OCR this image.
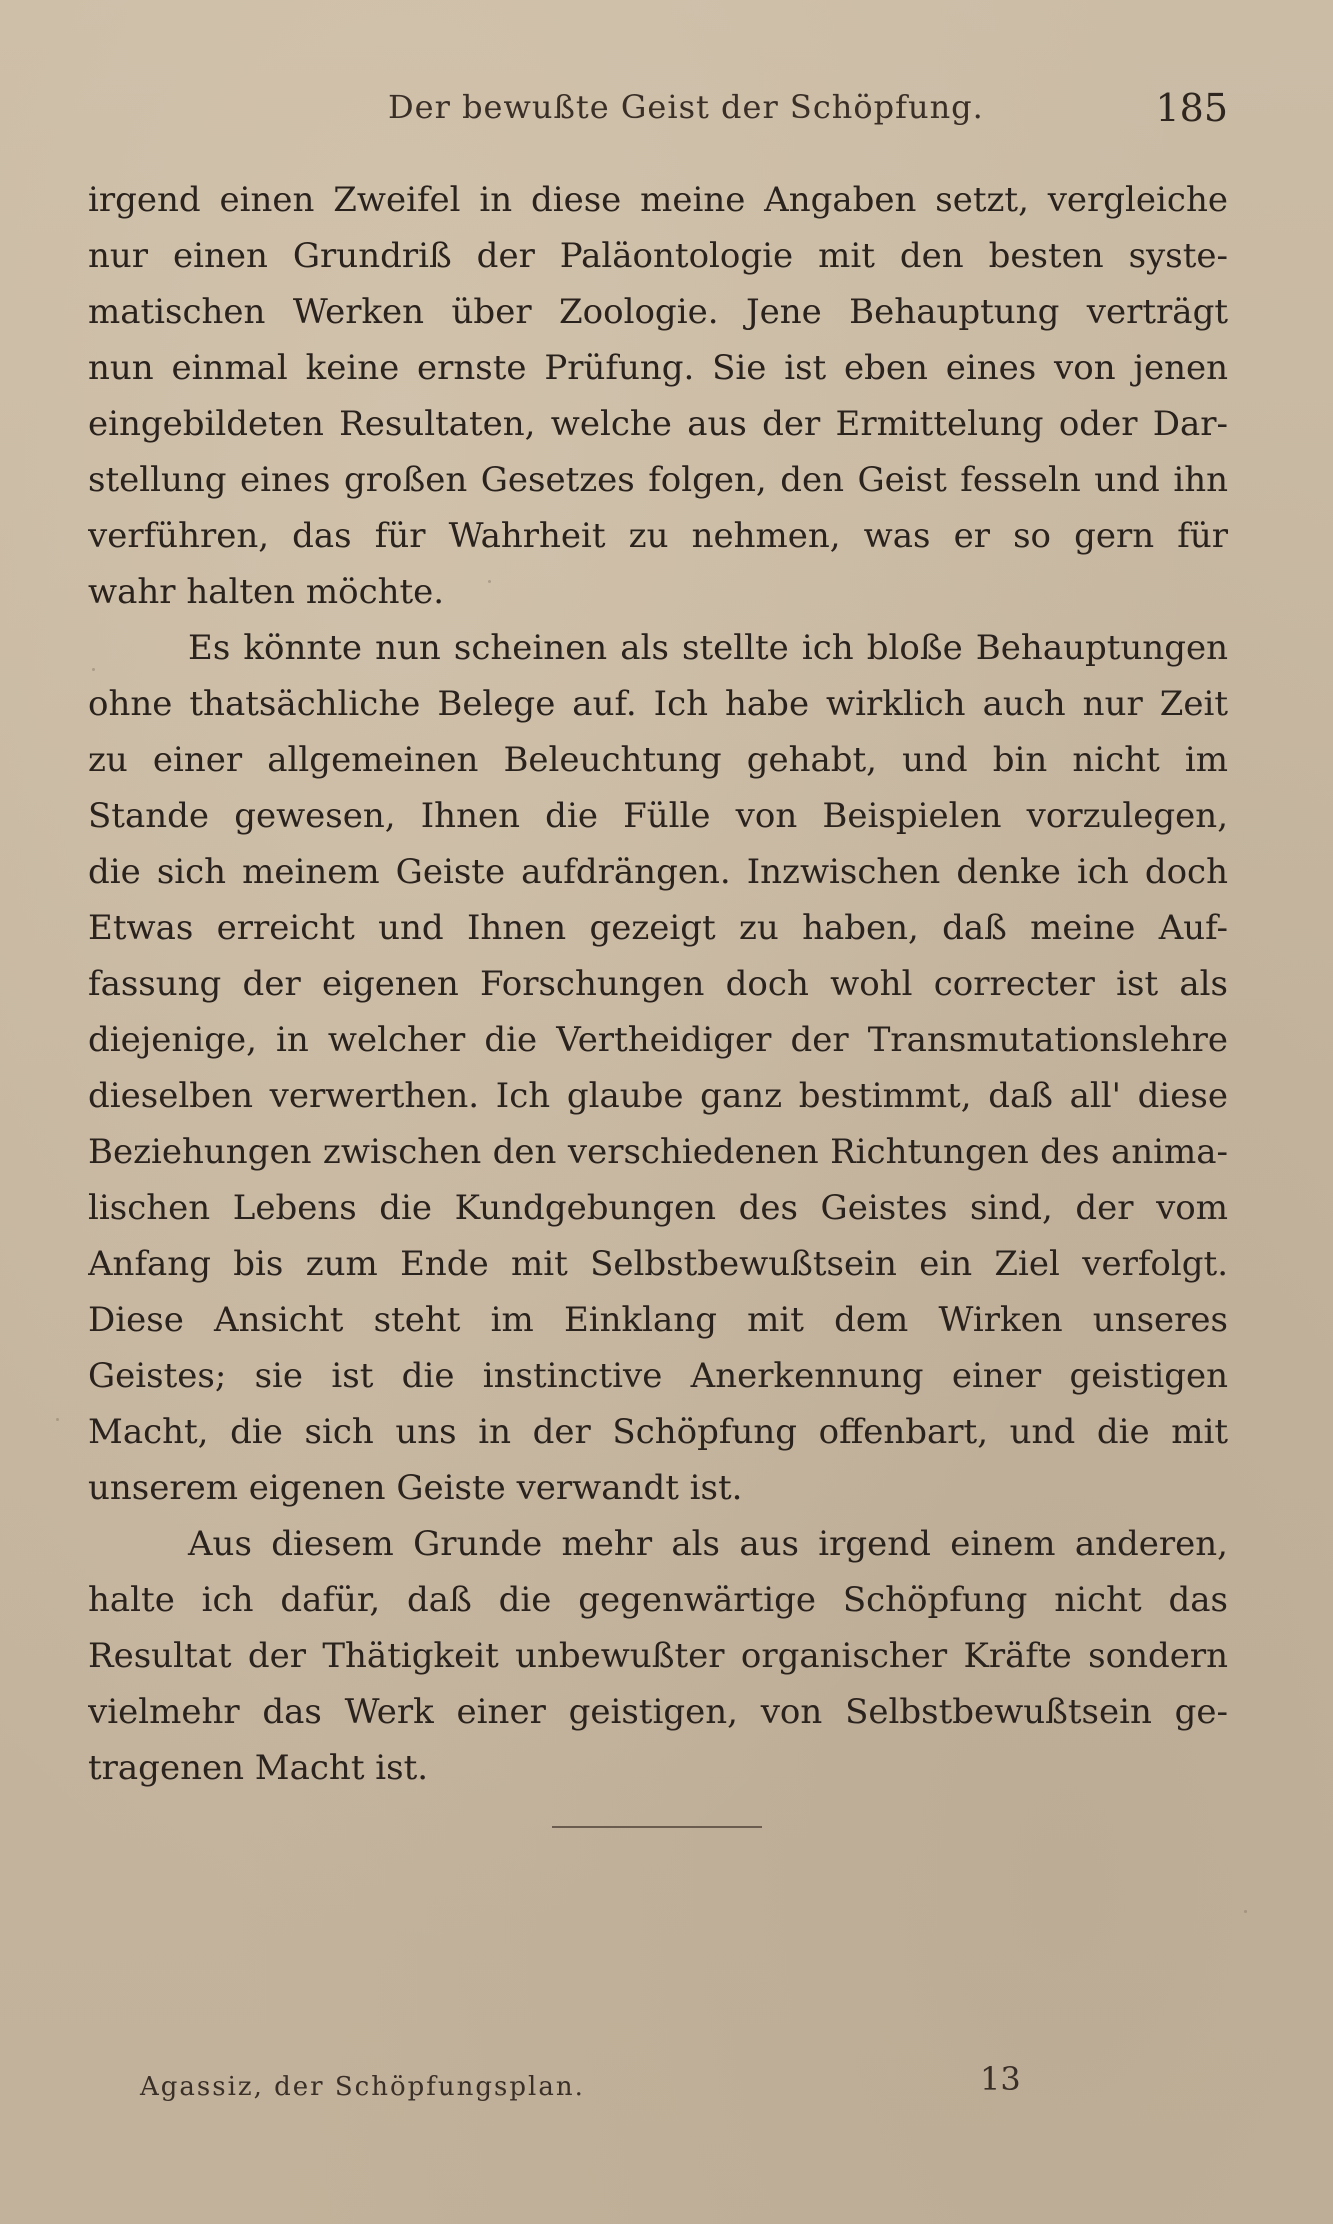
Der bewußte Geist der Schöpfung.	185
irgend einen Zweifel in diese meine Angaben setzt, vergleiche
nur einen Grundriß der Paläontologie mit den besten syste-
matischen Werken über Zoologie. Jene Behauptung verträgt
nun einmal keine ernste Prüfung. Sie ist eben eines von jenen
eingebildeten Resultaten, welche aus der Ermittelung oder Dar-
stellung eines großen Gesetzes folgen, den Geist fesseln und ihn
verführen, das für Wahrheit zu nehmen, was er so gern für
wahr halten möchte.
Es könnte nun scheinen als stellte ich bloße Behauptungen
ohne thatsächliche Belege auf. Ich habe wirklich auch nur Zeit
zu einer allgemeinen Beleuchtung gehabt, und bin nicht im
Stande gewesen, Ihnen die Fülle von Beispielen vorzulegen,
die sich meinem Geiste aufdrängen. Inzwischen denke ich doch
Etwas erreicht und Ihnen gezeigt zu haben, daß meine Auf-
fassung der eigenen Forschungen doch wohl correcter ist als
diejenige, in welcher die Vertheidiger der Transmutationslehre
dieselben verwerthen. Ich glaube ganz bestimmt, daß all' diese
Beziehungen zwischen den verschiedenen Richtungen des anima-
lischen Lebens die Kundgebungen des Geistes sind, der vom
Anfang bis zum Ende mit Selbstbewußtsein ein Ziel verfolgt.
Diese Ansicht steht im Einklang mit dem Wirken unseres
Geistes; sie ist die instinctive Anerkennung einer geistigen
Macht, die sich uns in der Schöpfung offenbart, und die mit
unserem eigenen Geiste verwandt ist.
Aus diesem Grunde mehr als aus irgend einem anderen,
halte ich dafür, daß die gegenwärtige Schöpfung nicht das
Resultat der Thätigkeit unbewußter organischer Kräfte sondern
vielmehr das Werk einer geistigen, von Selbstbewußtsein ge-
tragenen Macht ist.
Agassiz, der Schöpfungsplan.	13
